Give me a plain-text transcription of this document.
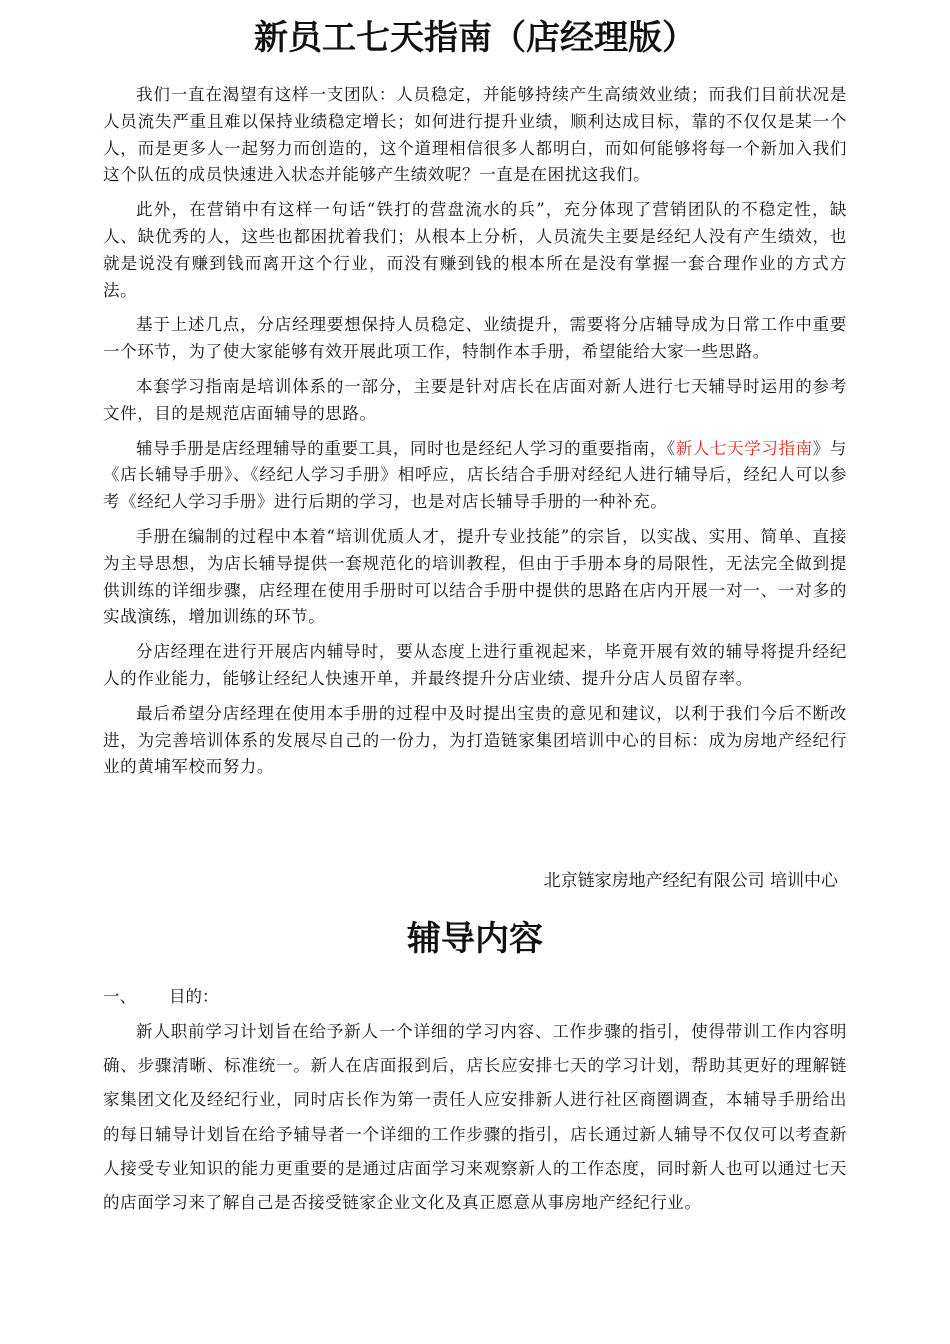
新员工七天指南（店经理版）

我们一直在渴望有这样一支团队：人员稳定，并能够持续产生高绩效业绩；而我们目前状况是人员流失严重且难以保持业绩稳定增长；如何进行提升业绩，顺利达成目标，靠的不仅仅是某一个人，而是更多人一起努力而创造的，这个道理相信很多人都明白，而如何能够将每一个新加入我们这个队伍的成员快速进入状态并能够产生绩效呢？一直是在困扰这我们。

此外，在营销中有这样一句话“铁打的营盘流水的兵”，充分体现了营销团队的不稳定性，缺人、缺优秀的人，这些也都困扰着我们；从根本上分析，人员流失主要是经纪人没有产生绩效，也就是说没有赚到钱而离开这个行业，而没有赚到钱的根本所在是没有掌握一套合理作业的方式方法。

基于上述几点，分店经理要想保持人员稳定、业绩提升，需要将分店辅导成为日常工作中重要一个环节，为了使大家能够有效开展此项工作，特制作本手册，希望能给大家一些思路。

本套学习指南是培训体系的一部分，主要是针对店长在店面对新人进行七天辅导时运用的参考文件，目的是规范店面辅导的思路。

辅导手册是店经理辅导的重要工具，同时也是经纪人学习的重要指南，《新人七天学习指南》与《店长辅导手册》、《经纪人学习手册》相呼应，店长结合手册对经纪人进行辅导后，经纪人可以参考《经纪人学习手册》进行后期的学习，也是对店长辅导手册的一种补充。

手册在编制的过程中本着“培训优质人才，提升专业技能”的宗旨，以实战、实用、简单、直接为主导思想，为店长辅导提供一套规范化的培训教程，但由于手册本身的局限性，无法完全做到提供训练的详细步骤，店经理在使用手册时可以结合手册中提供的思路在店内开展一对一、一对多的实战演练，增加训练的环节。

分店经理在进行开展店内辅导时，要从态度上进行重视起来，毕竟开展有效的辅导将提升经纪人的作业能力，能够让经纪人快速开单，并最终提升分店业绩、提升分店人员留存率。

最后希望分店经理在使用本手册的过程中及时提出宝贵的意见和建议，以利于我们今后不断改进，为完善培训体系的发展尽自己的一份力，为打造链家集团培训中心的目标：成为房地产经纪行业的黄埔军校而努力。

北京链家房地产经纪有限公司 培训中心

辅导内容

一、 目的：

新人职前学习计划旨在给予新人一个详细的学习内容、工作步骤的指引，使得带训工作内容明确、步骤清晰、标准统一。新人在店面报到后，店长应安排七天的学习计划，帮助其更好的理解链家集团文化及经纪行业，同时店长作为第一责任人应安排新人进行社区商圈调查，本辅导手册给出的每日辅导计划旨在给予辅导者一个详细的工作步骤的指引，店长通过新人辅导不仅仅可以考查新人接受专业知识的能力更重要的是通过店面学习来观察新人的工作态度，同时新人也可以通过七天的店面学习来了解自己是否接受链家企业文化及真正愿意从事房地产经纪行业。
